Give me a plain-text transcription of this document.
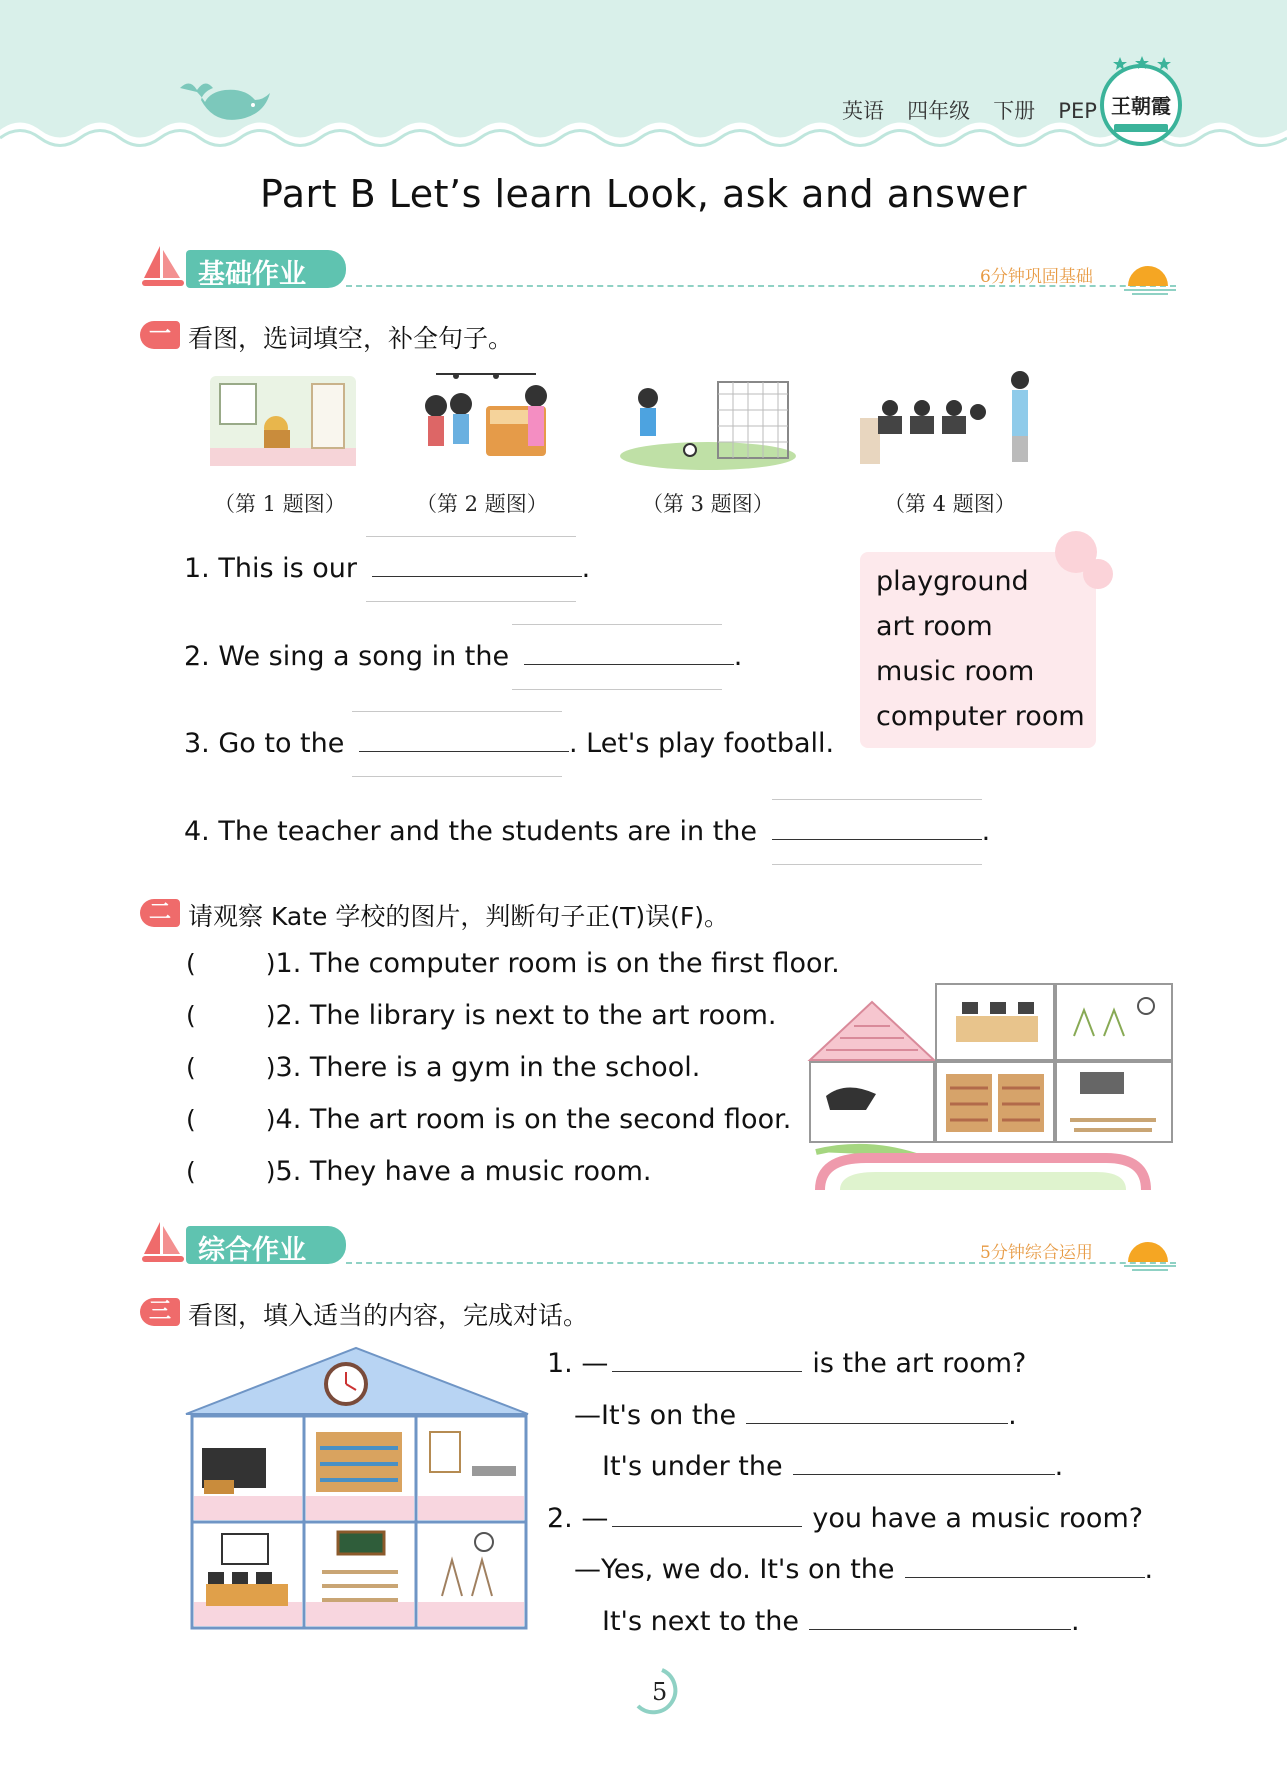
英语 四年级 下册 PEP 王朝霞
Part B Let’s learn Look, ask and answer
基础作业	6分钟巩固基础
一 看图，选词填空，补全句子。
（第 1 题图）	（第 2 题图）	（第 3 题图）	（第 4 题图）
1. This is our	.
2. We sing a song in the	.
3. Go to the	. Let's play football.
4. The teacher and the students are in the	.
playground
art room
music room
computer room
二 请观察 Kate 学校的图片，判断句子正(T)误(F)。
(	)1. The computer room is on the first floor.
(	)2. The library is next to the art room.
(	)3. There is a gym in the school.
(	)4. The art room is on the second floor.
(	)5. They have a music room.
综合作业	5分钟综合运用
三 看图，填入适当的内容，完成对话。
1. —	is the art room?
—It's on the	.
It's under the	.
2. —	you have a music room?
—Yes, we do. It's on the	.
It's next to the	.
5
